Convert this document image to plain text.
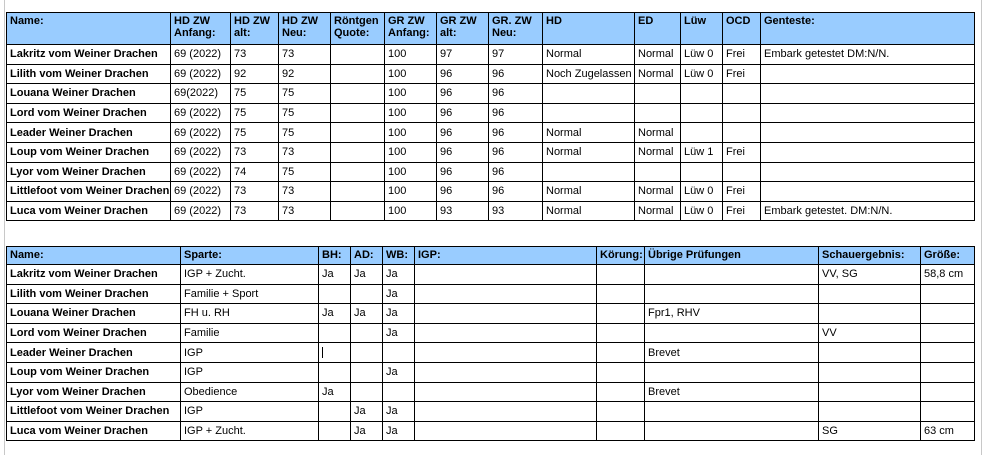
Name:	HD ZW Anfang:	HD ZW alt:	HD ZW Neu:	Röntgen Quote:	GR ZW Anfang:	GR ZW alt:	GR. ZW Neu:	HD	ED	Lüw	OCD	Genteste:
Lakritz vom Weiner Drachen	69 (2022)	73	73		100	97	97	Normal	Normal	Lüw 0	Frei	Embark getestet DM:N/N.
Lilith vom Weiner Drachen	69 (2022)	92	92		100	96	96	Noch Zugelassen	Normal	Lüw 0	Frei	
Louana Weiner Drachen	69(2022)	75	75		100	96	96					
Lord vom Weiner Drachen	69 (2022)	75	75		100	96	96					
Leader Weiner Drachen	69 (2022)	75	75		100	96	96	Normal	Normal			
Loup vom Weiner Drachen	69 (2022)	73	73		100	96	96	Normal	Normal	Lüw 1	Frei	
Lyor vom Weiner Drachen	69 (2022)	74	75		100	96	96					
Littlefoot vom Weiner Drachen	69 (2022)	73	73		100	96	96	Normal	Normal	Lüw 0	Frei	
Luca vom Weiner Drachen	69 (2022)	73	73		100	93	93	Normal	Normal	Lüw 0	Frei	Embark getestet. DM:N/N.
Name:	Sparte:	BH:	AD:	WB:	IGP:	Körung:	Übrige Prüfungen	Schauergebnis:	Größe:
Lakritz vom Weiner Drachen	IGP + Zucht.	Ja	Ja	Ja				VV, SG	58,8 cm
Lilith vom Weiner Drachen	Familie + Sport			Ja					
Louana Weiner Drachen	FH u. RH	Ja	Ja	Ja			Fpr1, RHV		
Lord vom Weiner Drachen	Familie			Ja				VV	
Leader Weiner Drachen	IGP						Brevet		
Loup vom Weiner Drachen	IGP			Ja					
Lyor vom Weiner Drachen	Obedience	Ja					Brevet		
Littlefoot vom Weiner Drachen	IGP		Ja	Ja					
Luca vom Weiner Drachen	IGP + Zucht.		Ja	Ja				SG	63 cm
